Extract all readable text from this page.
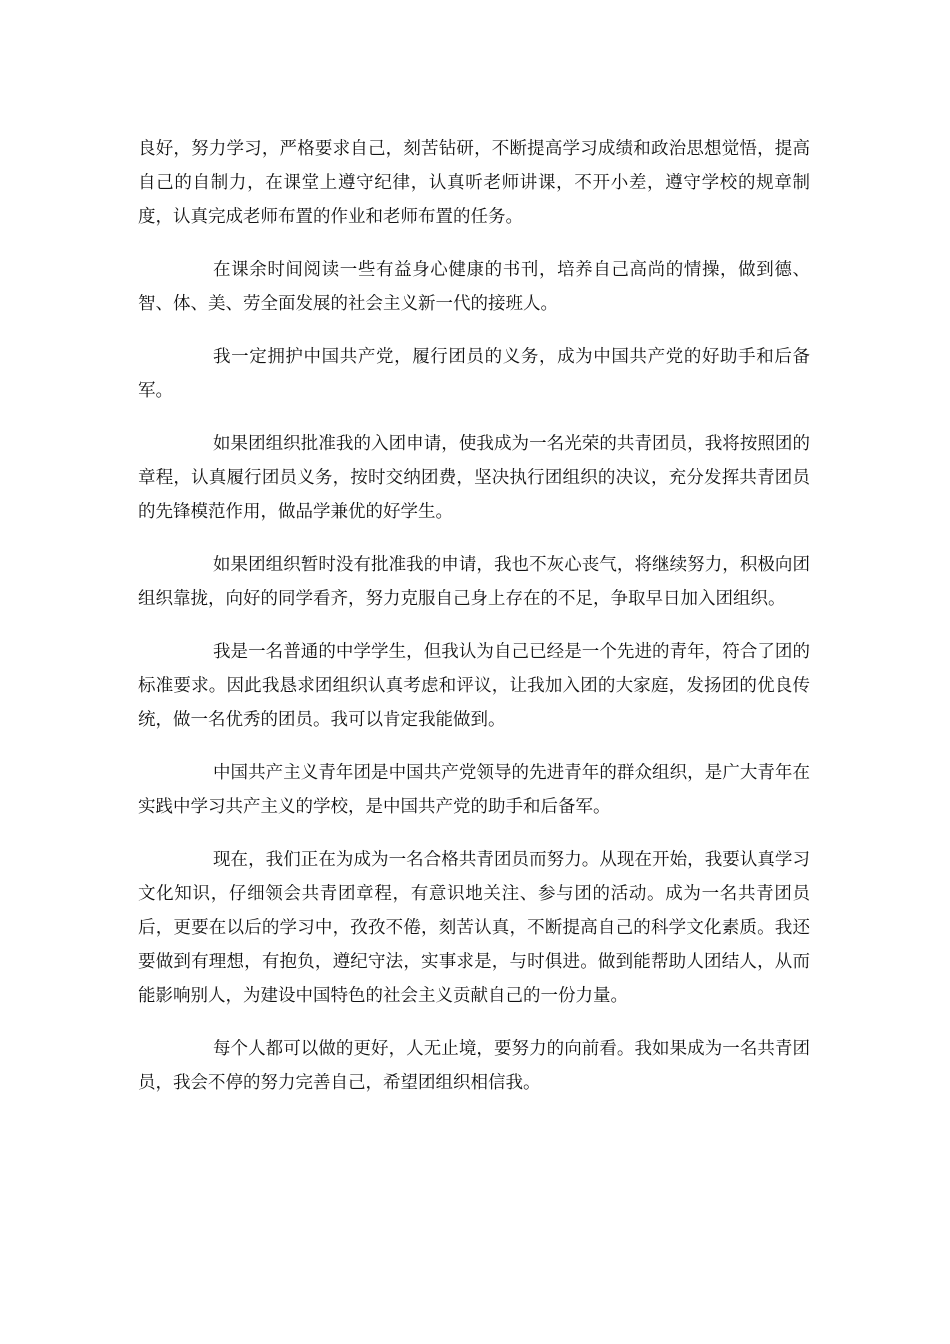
良好，努力学习，严格要求自己，刻苦钻研，不断提高学习成绩和政治思想觉悟，提高自己的自制力，在课堂上遵守纪律，认真听老师讲课，不开小差，遵守学校的规章制度，认真完成老师布置的作业和老师布置的任务。

在课余时间阅读一些有益身心健康的书刊，培养自己高尚的情操，做到德、智、体、美、劳全面发展的社会主义新一代的接班人。

我一定拥护中国共产党，履行团员的义务，成为中国共产党的好助手和后备军。

如果团组织批准我的入团申请，使我成为一名光荣的共青团员，我将按照团的章程，认真履行团员义务，按时交纳团费，坚决执行团组织的决议，充分发挥共青团员的先锋模范作用，做品学兼优的好学生。

如果团组织暂时没有批准我的申请，我也不灰心丧气，将继续努力，积极向团组织靠拢，向好的同学看齐，努力克服自己身上存在的不足，争取早日加入团组织。

我是一名普通的中学学生，但我认为自己已经是一个先进的青年，符合了团的标准要求。因此我恳求团组织认真考虑和评议，让我加入团的大家庭，发扬团的优良传统，做一名优秀的团员。我可以肯定我能做到。

中国共产主义青年团是中国共产党领导的先进青年的群众组织，是广大青年在实践中学习共产主义的学校，是中国共产党的助手和后备军。

现在，我们正在为成为一名合格共青团员而努力。从现在开始，我要认真学习文化知识，仔细领会共青团章程，有意识地关注、参与团的活动。成为一名共青团员后，更要在以后的学习中，孜孜不倦，刻苦认真，不断提高自己的科学文化素质。我还要做到有理想，有抱负，遵纪守法，实事求是，与时俱进。做到能帮助人团结人，从而能影响别人，为建设中国特色的社会主义贡献自己的一份力量。

每个人都可以做的更好，人无止境，要努力的向前看。我如果成为一名共青团员，我会不停的努力完善自己，希望团组织相信我。
